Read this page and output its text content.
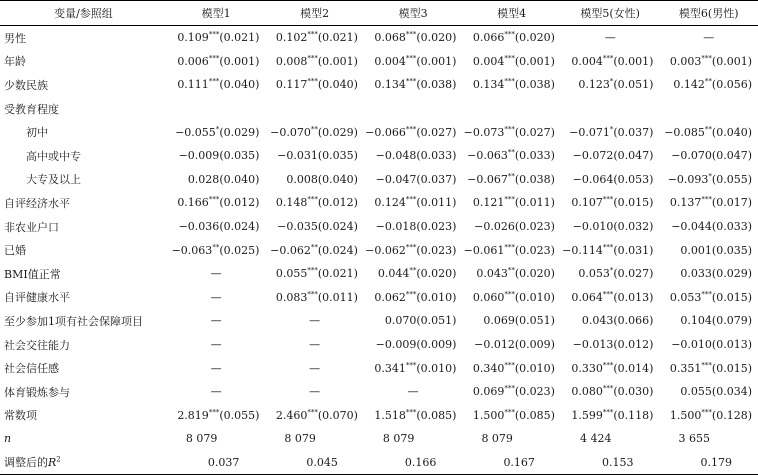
变量/参照组	模型1	模型2	模型3	模型4	模型5(女性)	模型6(男性)
男性	0.109***(0.021)	0.102***(0.021)	0.068***(0.020)	0.066***(0.020)	—	—
年龄	0.006***(0.001)	0.008***(0.001)	0.004***(0.001)	0.004***(0.001)	0.004***(0.001)	0.003***(0.001)
少数民族	0.111***(0.040)	0.117***(0.040)	0.134***(0.038)	0.134***(0.038)	0.123*(0.051)	0.142**(0.056)
受教育程度						
初中	−0.055*(0.029)	−0.070**(0.029)	−0.066***(0.027)	−0.073***(0.027)	−0.071*(0.037)	−0.085**(0.040)
高中或中专	−0.009(0.035)	−0.031(0.035)	−0.048(0.033)	−0.063**(0.033)	−0.072(0.047)	−0.070(0.047)
大专及以上	0.028(0.040)	0.008(0.040)	−0.047(0.037)	−0.067**(0.038)	−0.064(0.053)	−0.093*(0.055)
自评经济水平	0.166***(0.012)	0.148***(0.012)	0.124***(0.011)	0.121***(0.011)	0.107***(0.015)	0.137***(0.017)
非农业户口	−0.036(0.024)	−0.035(0.024)	−0.018(0.023)	−0.026(0.023)	−0.010(0.032)	−0.044(0.033)
已婚	−0.063**(0.025)	−0.062**(0.024)	−0.062***(0.023)	−0.061***(0.023)	−0.114***(0.031)	0.001(0.035)
BMI值正常	—	0.055***(0.021)	0.044**(0.020)	0.043**(0.020)	0.053*(0.027)	0.033(0.029)
自评健康水平	—	0.083***(0.011)	0.062***(0.010)	0.060***(0.010)	0.064***(0.013)	0.053***(0.015)
至少参加1项有社会保障项目	—	—	0.070(0.051)	0.069(0.051)	0.043(0.066)	0.104(0.079)
社会交往能力	—	—	−0.009(0.009)	−0.012(0.009)	−0.013(0.012)	−0.010(0.013)
社会信任感	—	—	0.341***(0.010)	0.340***(0.010)	0.330***(0.014)	0.351***(0.015)
体育锻炼参与	—	—	—	0.069***(0.023)	0.080***(0.030)	0.055(0.034)
常数项	2.819***(0.055)	2.460***(0.070)	1.518***(0.085)	1.500***(0.085)	1.599***(0.118)	1.500***(0.128)
n	8 079	8 079	8 079	8 079	4 424	3 655
调整后的$R^2$	0.037	0.045	0.166	0.167	0.153	0.179
